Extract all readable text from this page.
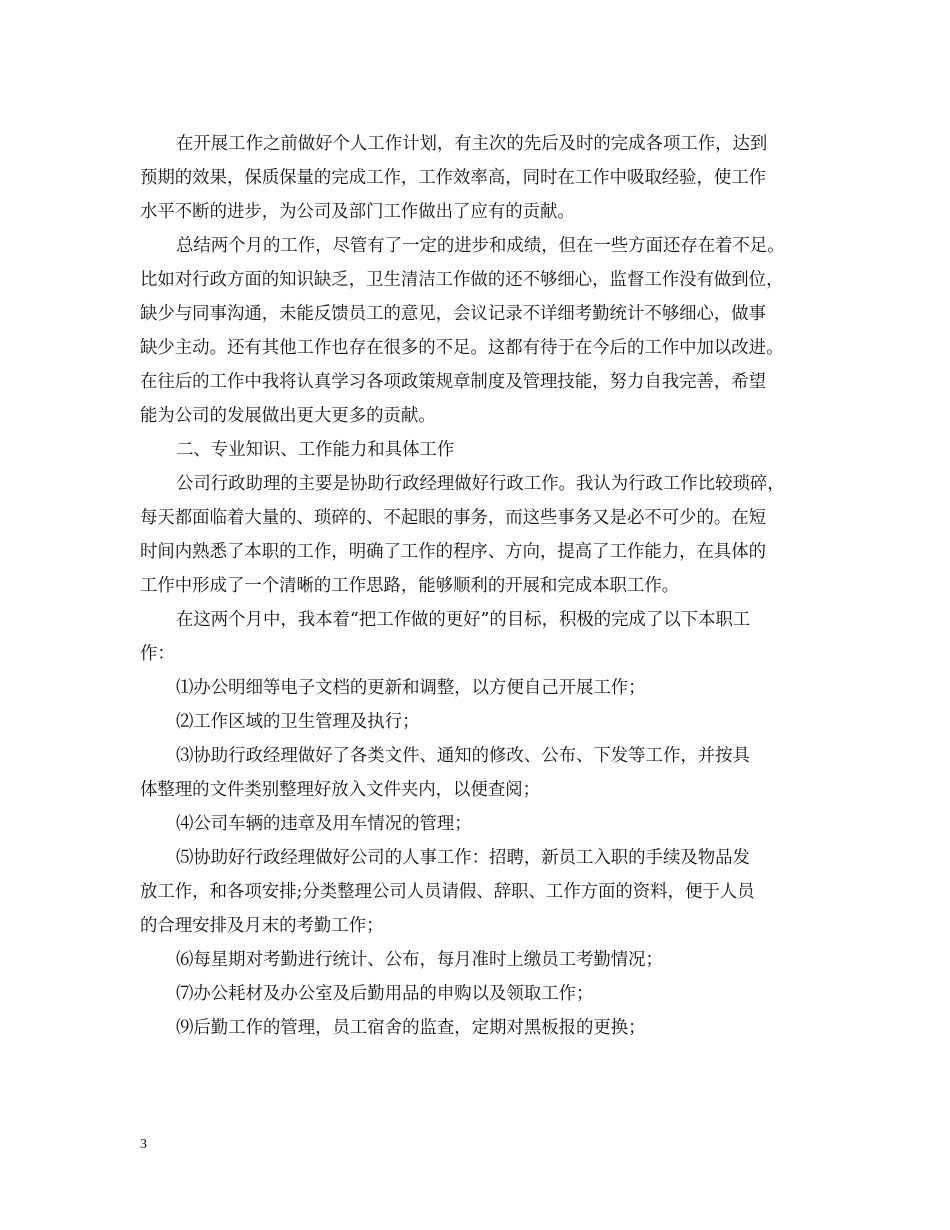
在开展工作之前做好个人工作计划，有主次的先后及时的完成各项工作，达到
预期的效果，保质保量的完成工作，工作效率高，同时在工作中吸取经验，使工作
水平不断的进步，为公司及部门工作做出了应有的贡献。
总结两个月的工作，尽管有了一定的进步和成绩，但在一些方面还存在着不足。
比如对行政方面的知识缺乏，卫生清洁工作做的还不够细心，监督工作没有做到位，
缺少与同事沟通，未能反馈员工的意见，会议记录不详细考勤统计不够细心，做事
缺少主动。还有其他工作也存在很多的不足。这都有待于在今后的工作中加以改进。
在往后的工作中我将认真学习各项政策规章制度及管理技能，努力自我完善，希望
能为公司的发展做出更大更多的贡献。
二、专业知识、工作能力和具体工作
公司行政助理的主要是协助行政经理做好行政工作。我认为行政工作比较琐碎，
每天都面临着大量的、琐碎的、不起眼的事务，而这些事务又是必不可少的。在短
时间内熟悉了本职的工作，明确了工作的程序、方向，提高了工作能力，在具体的
工作中形成了一个清晰的工作思路，能够顺利的开展和完成本职工作。
在这两个月中，我本着“把工作做的更好”的目标，积极的完成了以下本职工
作：
⑴办公明细等电子文档的更新和调整，以方便自己开展工作；
⑵工作区域的卫生管理及执行；
⑶协助行政经理做好了各类文件、通知的修改、公布、下发等工作，并按具
体整理的文件类别整理好放入文件夹内，以便查阅；
⑷公司车辆的违章及用车情况的管理；
⑸协助好行政经理做好公司的人事工作：招聘，新员工入职的手续及物品发
放工作，和各项安排;分类整理公司人员请假、辞职、工作方面的资料，便于人员
的合理安排及月末的考勤工作；
⑹每星期对考勤进行统计、公布，每月准时上缴员工考勤情况；
⑺办公耗材及办公室及后勤用品的申购以及领取工作；
⑼后勤工作的管理，员工宿舍的监查，定期对黑板报的更换；
3
